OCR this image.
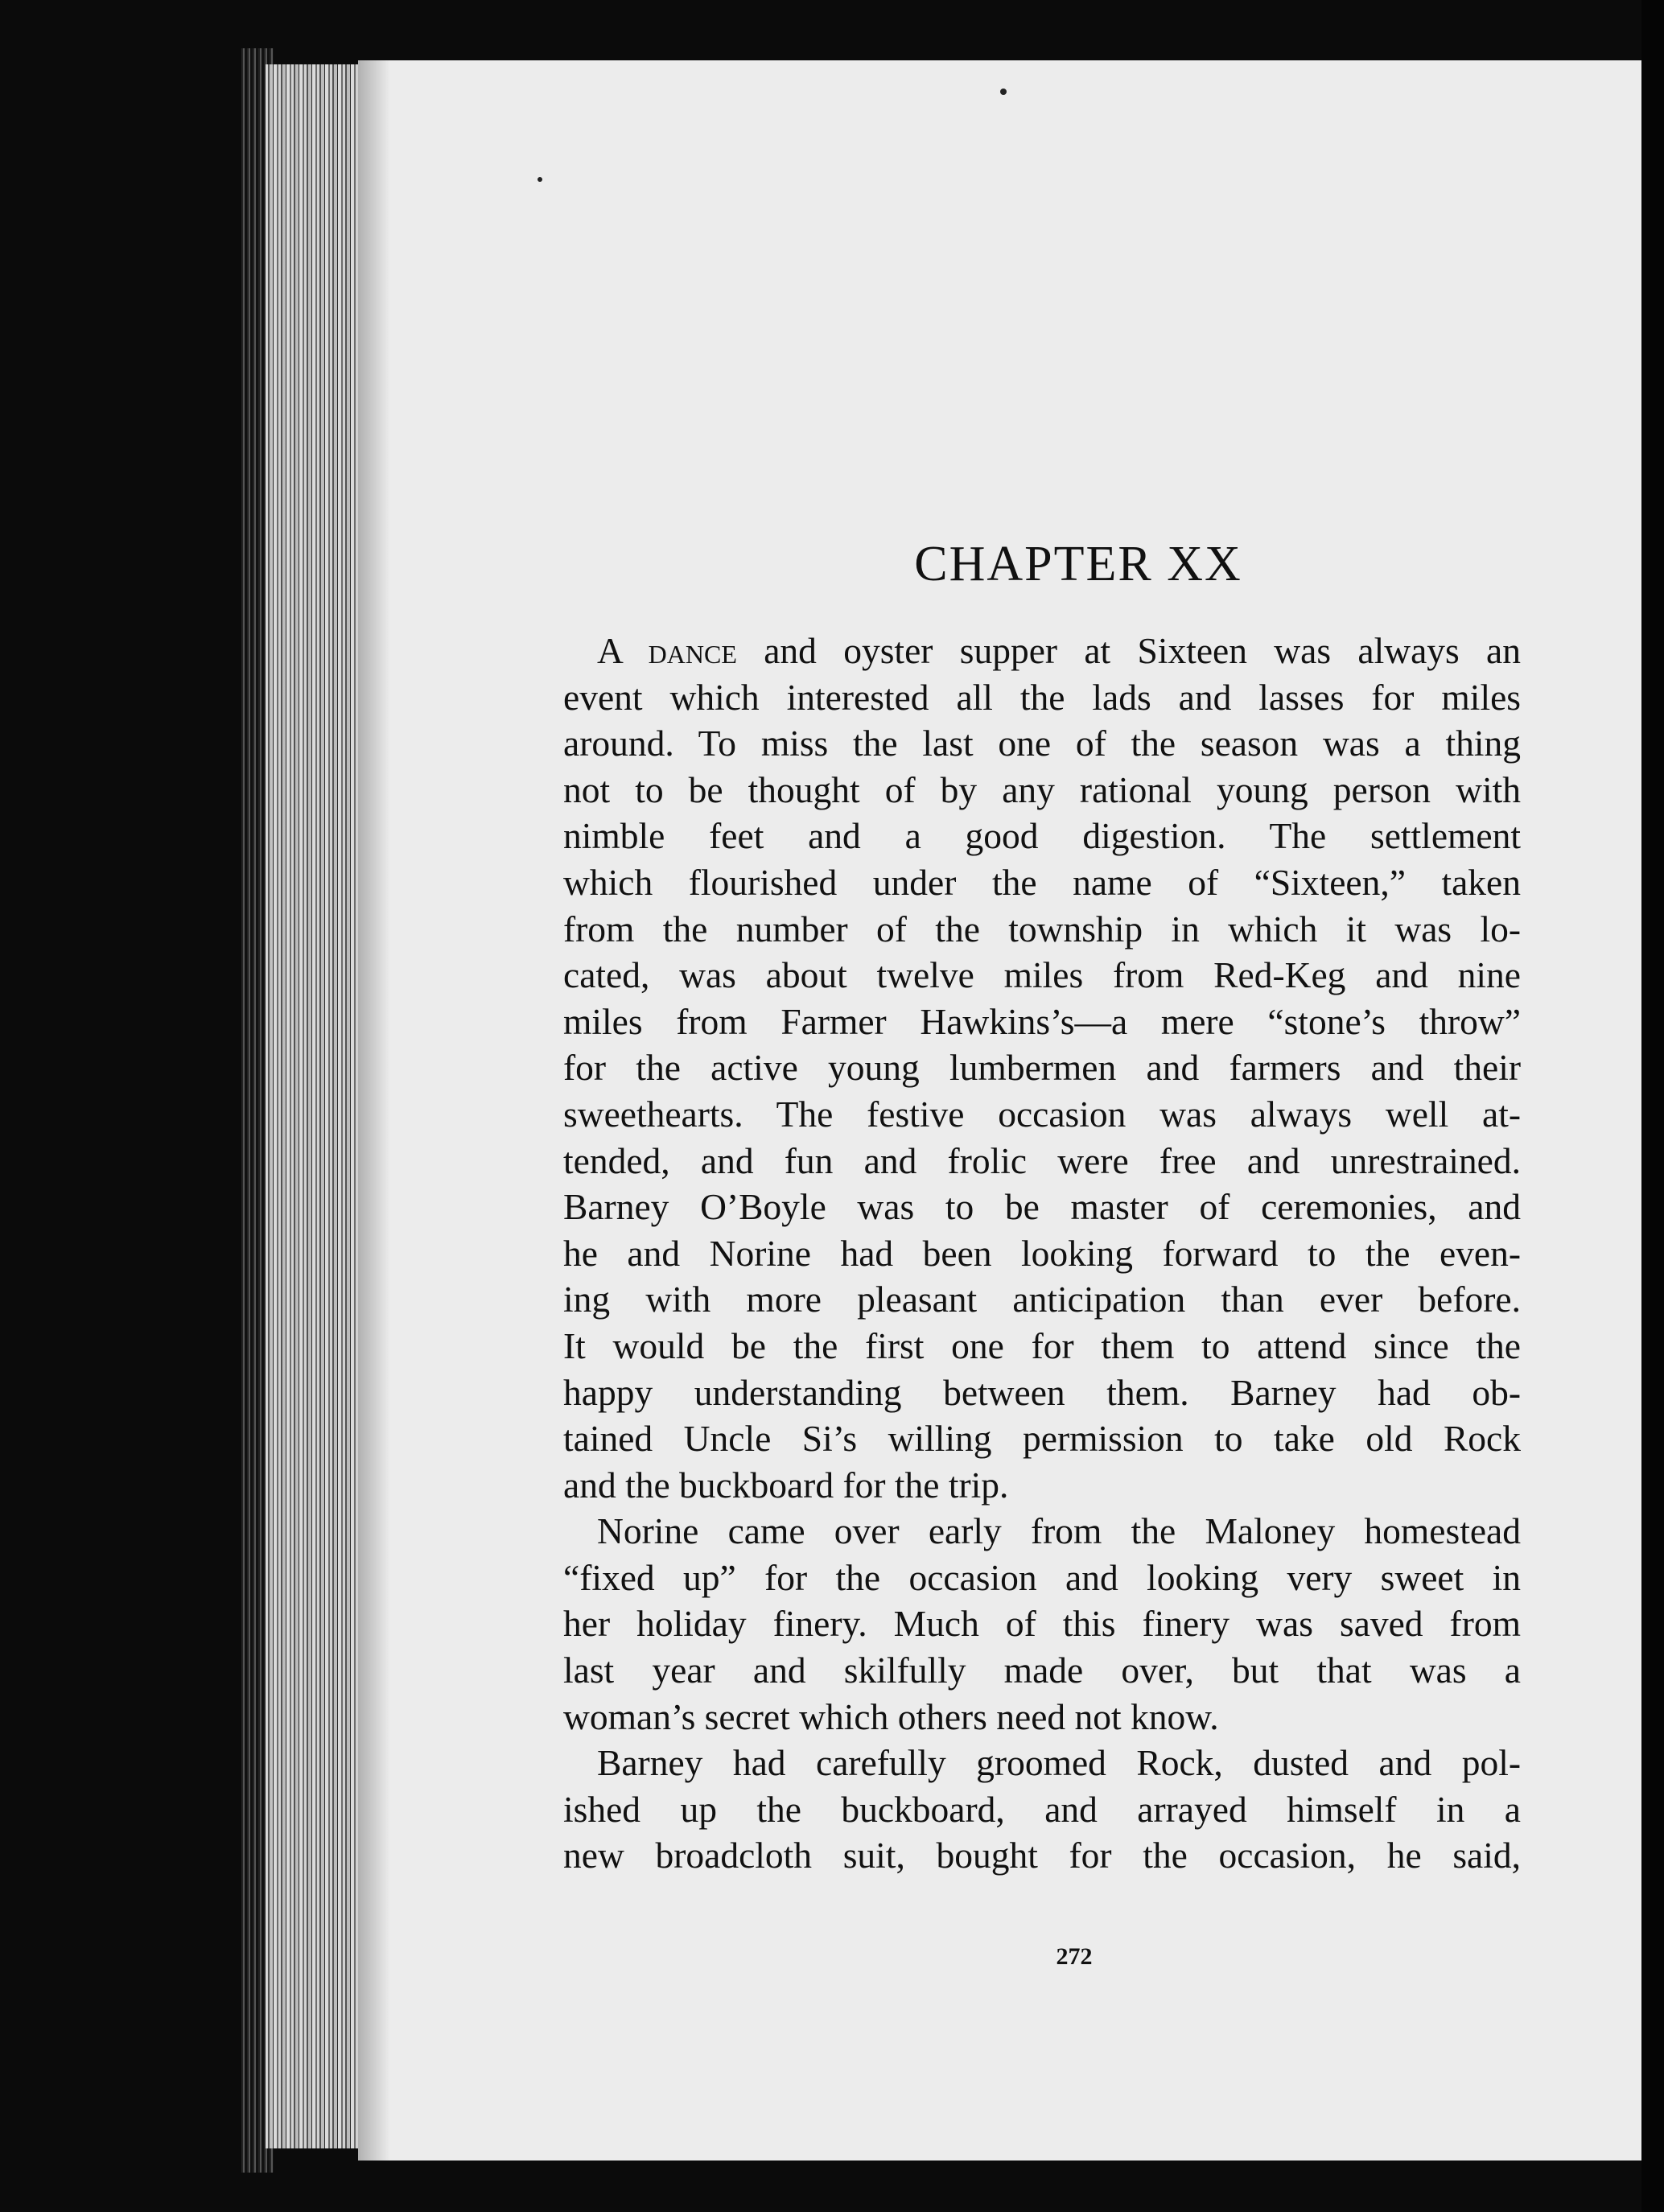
CHAPTER XX

A dance and oyster supper at Sixteen was always an
event which interested all the lads and lasses for miles
around. To miss the last one of the season was a thing
not to be thought of by any rational young person with
nimble feet and a good digestion. The settlement
which flourished under the name of “Sixteen,” taken
from the number of the township in which it was lo-
cated, was about twelve miles from Red-Keg and nine
miles from Farmer Hawkins’s—a mere “stone’s throw”
for the active young lumbermen and farmers and their
sweethearts. The festive occasion was always well at-
tended, and fun and frolic were free and unrestrained.
Barney O’Boyle was to be master of ceremonies, and
he and Norine had been looking forward to the even-
ing with more pleasant anticipation than ever before.
It would be the first one for them to attend since the
happy understanding between them. Barney had ob-
tained Uncle Si’s willing permission to take old Rock
and the buckboard for the trip.

Norine came over early from the Maloney homestead
“fixed up” for the occasion and looking very sweet in
her holiday finery. Much of this finery was saved from
last year and skilfully made over, but that was a
woman’s secret which others need not know.

Barney had carefully groomed Rock, dusted and pol-
ished up the buckboard, and arrayed himself in a
new broadcloth suit, bought for the occasion, he said,

272
